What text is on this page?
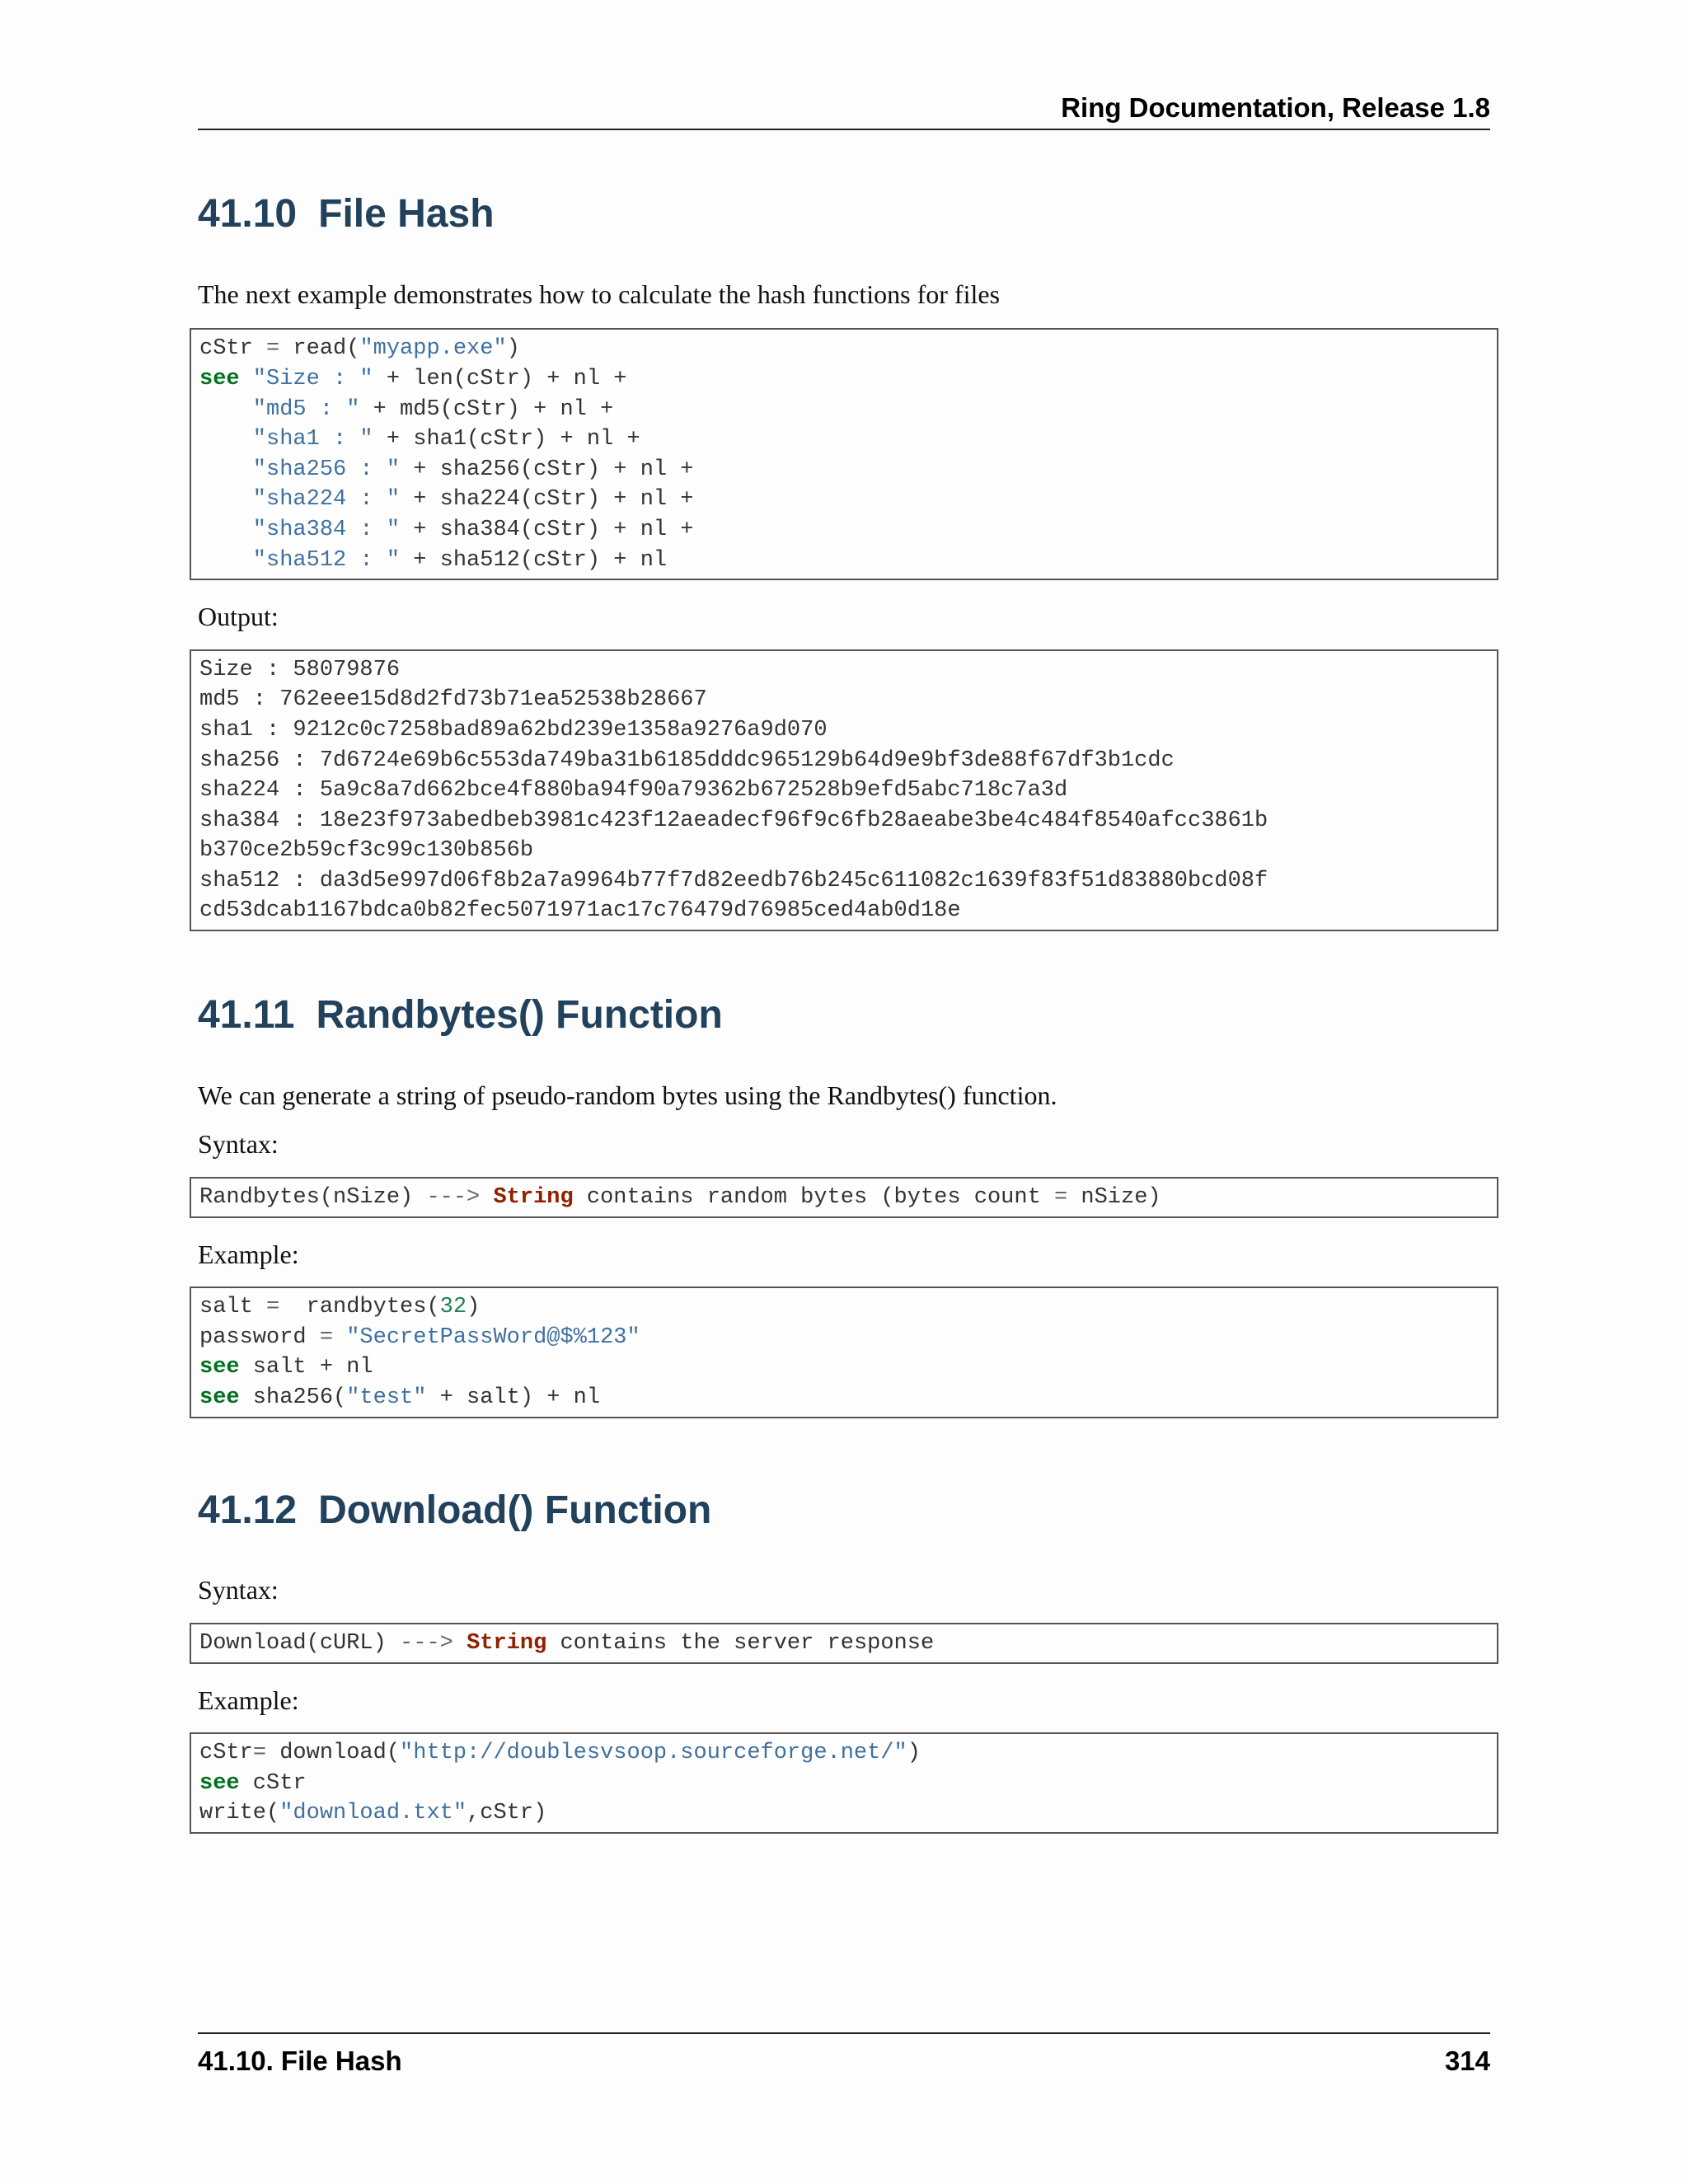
Ring Documentation, Release 1.8
41.10 File Hash

The next example demonstrates how to calculate the hash functions for files

cStr = read("myapp.exe")
see "Size : " + len(cStr) + nl +
"md5 : " + md5(cStr) + nl +
"sha1 : " + sha1(cStr) + nl +
"sha256 : " + sha256(cStr) + nl +
"sha224 : " + sha224(cStr) + nl +
"sha384 : " + sha384(cStr) + nl +
"sha512 : " + sha512(cStr) + nl

Output:

Size : 58079876
md5 : 762eee15d8d2fd73b71ea52538b28667
sha1 : 9212c0c7258bad89a62bd239e1358a9276a9d070
sha256 : 7d6724e69b6c553da749ba31b6185dddc965129b64d9e9bf3de88f67df3b1cdc
sha224 : 5a9c8a7d662bce4f880ba94f90a79362b672528b9efd5abc718c7a3d
sha384 : 18e23f973abedbeb3981c423f12aeadecf96f9c6fb28aeabe3be4c484f8540afcc3861b
b370ce2b59cf3c99c130b856b
sha512 : da3d5e997d06f8b2a7a9964b77f7d82eedb76b245c611082c1639f83f51d83880bcd08f
cd53dcab1167bdca0b82fec5071971ac17c76479d76985ced4ab0d18e
41.11 Randbytes() Function

We can generate a string of pseudo-random bytes using the Randbytes() function.

Syntax:

Randbytes(nSize) ---> String contains random bytes (bytes count = nSize)

Example:

salt =  randbytes(32)
password = "SecretPassWord@$%123"
see salt + nl
see sha256("test" + salt) + nl
41.12 Download() Function

Syntax:

Download(cURL) ---> String contains the server response

Example:

cStr= download("http://doublesvsoop.sourceforge.net/")
see cStr
write("download.txt",cStr)
41.10. File Hash	314
